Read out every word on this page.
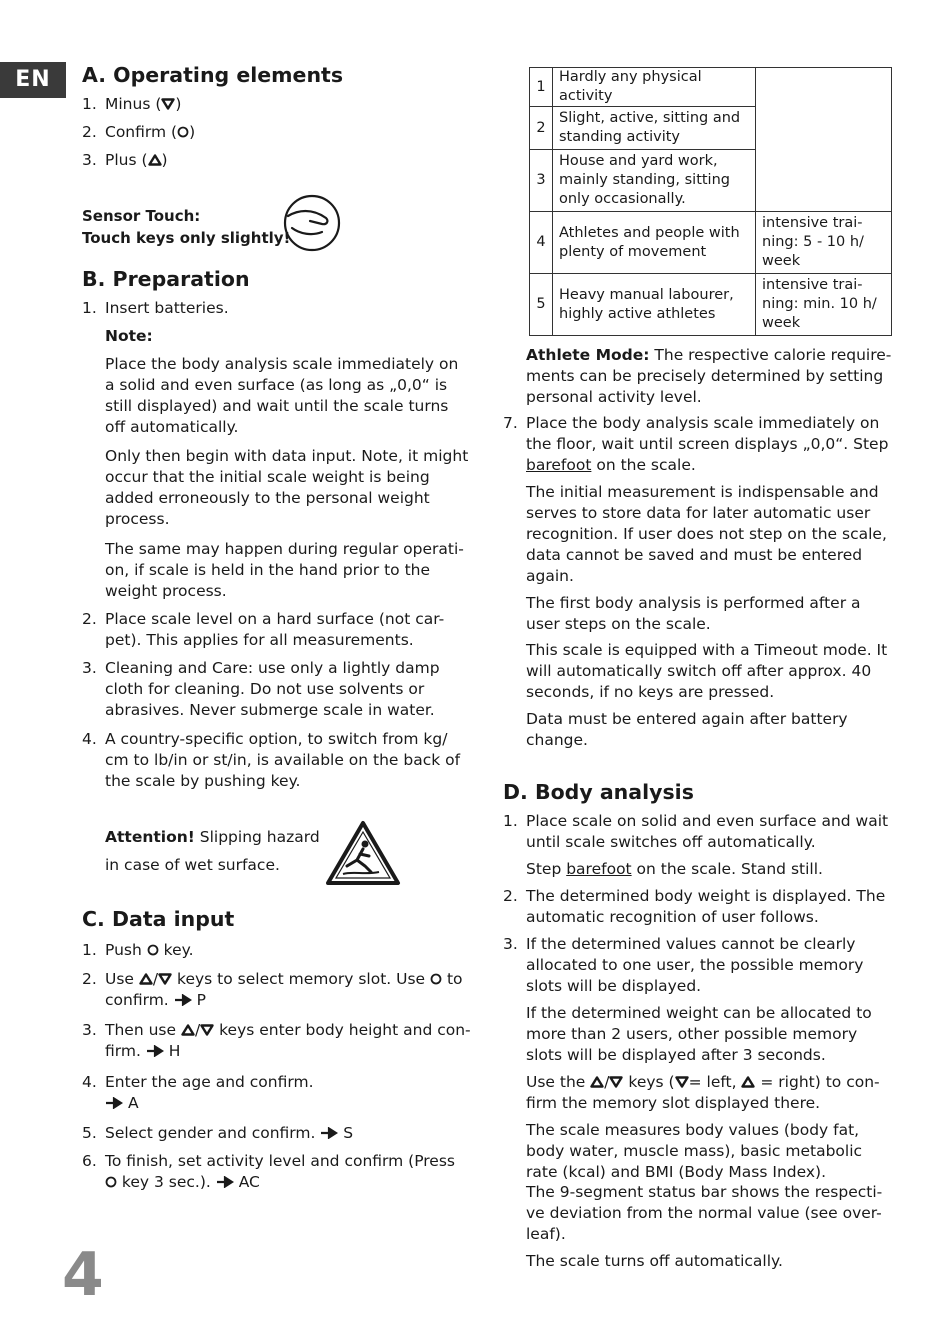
EN	A. Operating elements
1. Minus ( )
2. Confirm ( )
3. Plus ( )
Sensor Touch:
Touch keys only slightly!
B. Preparation
1. Insert batteries.
Note:
Place the body analysis scale immediately on a solid and even surface (as long as „0,0“ is still displayed) and wait until the scale turns off automatically.
Only then begin with data input. Note, it might occur that the initial scale weight is being added erroneously to the personal weight process.
The same may happen during regular operati-on, if scale is held in the hand prior to the weight process.
2. Place scale level on a hard surface (not car-pet). This applies for all measurements.
3. Cleaning and Care: use only a lightly damp cloth for cleaning. Do not use solvents or abrasives. Never submerge scale in water.
4. A country-specific option, to switch from kg/ cm to lb/in or st/in, is available on the back of the scale by pushing key.
Attention! Slipping hazard
in case of wet surface.
C. Data input
1. Push  key.
2. Use / keys to select memory slot. Use  to
confirm.  P
3. Then use / keys enter body height and con-
firm.  H
4. Enter the age and confirm.
A
5. Select gender and confirm.  S
6. To finish, set activity level and confirm (Press
key 3 sec.).  AC
4
1	Hardly any physical activity	
2	Slight, active, sitting and standing activity	
3	House and yard work, mainly standing, sitting only occasionally.	
4	Athletes and people with plenty of movement	intensive trai-ning: 5 - 10 h/ week
5	Heavy manual labourer, highly active athletes	intensive trai-ning: min. 10 h/ week
Athlete Mode: The respective calorie require-ments can be precisely determined by setting personal activity level.
7. Place the body analysis scale immediately on the floor, wait until screen displays „0,0“. Step barefoot on the scale.
The initial measurement is indispensable and serves to store data for later automatic user recognition. If user does not step on the scale, data cannot be saved and must be entered again.
The first body analysis is performed after a user steps on the scale.
This scale is equipped with a Timeout mode. It will automatically switch off after approx. 40 seconds, if no keys are pressed.
Data must be entered again after battery change.
D. Body analysis
1. Place scale on solid and even surface and wait until scale switches off automatically.
Step barefoot on the scale. Stand still.
2. The determined body weight is displayed. The automatic recognition of user follows.
3. If the determined values cannot be clearly allocated to one user, the possible memory slots will be displayed.
If the determined weight can be allocated to more than 2 users, other possible memory slots will be displayed after 3 seconds.
Use the / keys ( = left,  = right) to con-
firm the memory slot displayed there.
The scale measures body values (body fat, body water, muscle mass), basic metabolic rate (kcal) and BMI (Body Mass Index).
The 9-segment status bar shows the respecti-ve deviation from the normal value (see over-leaf).
The scale turns off automatically.
